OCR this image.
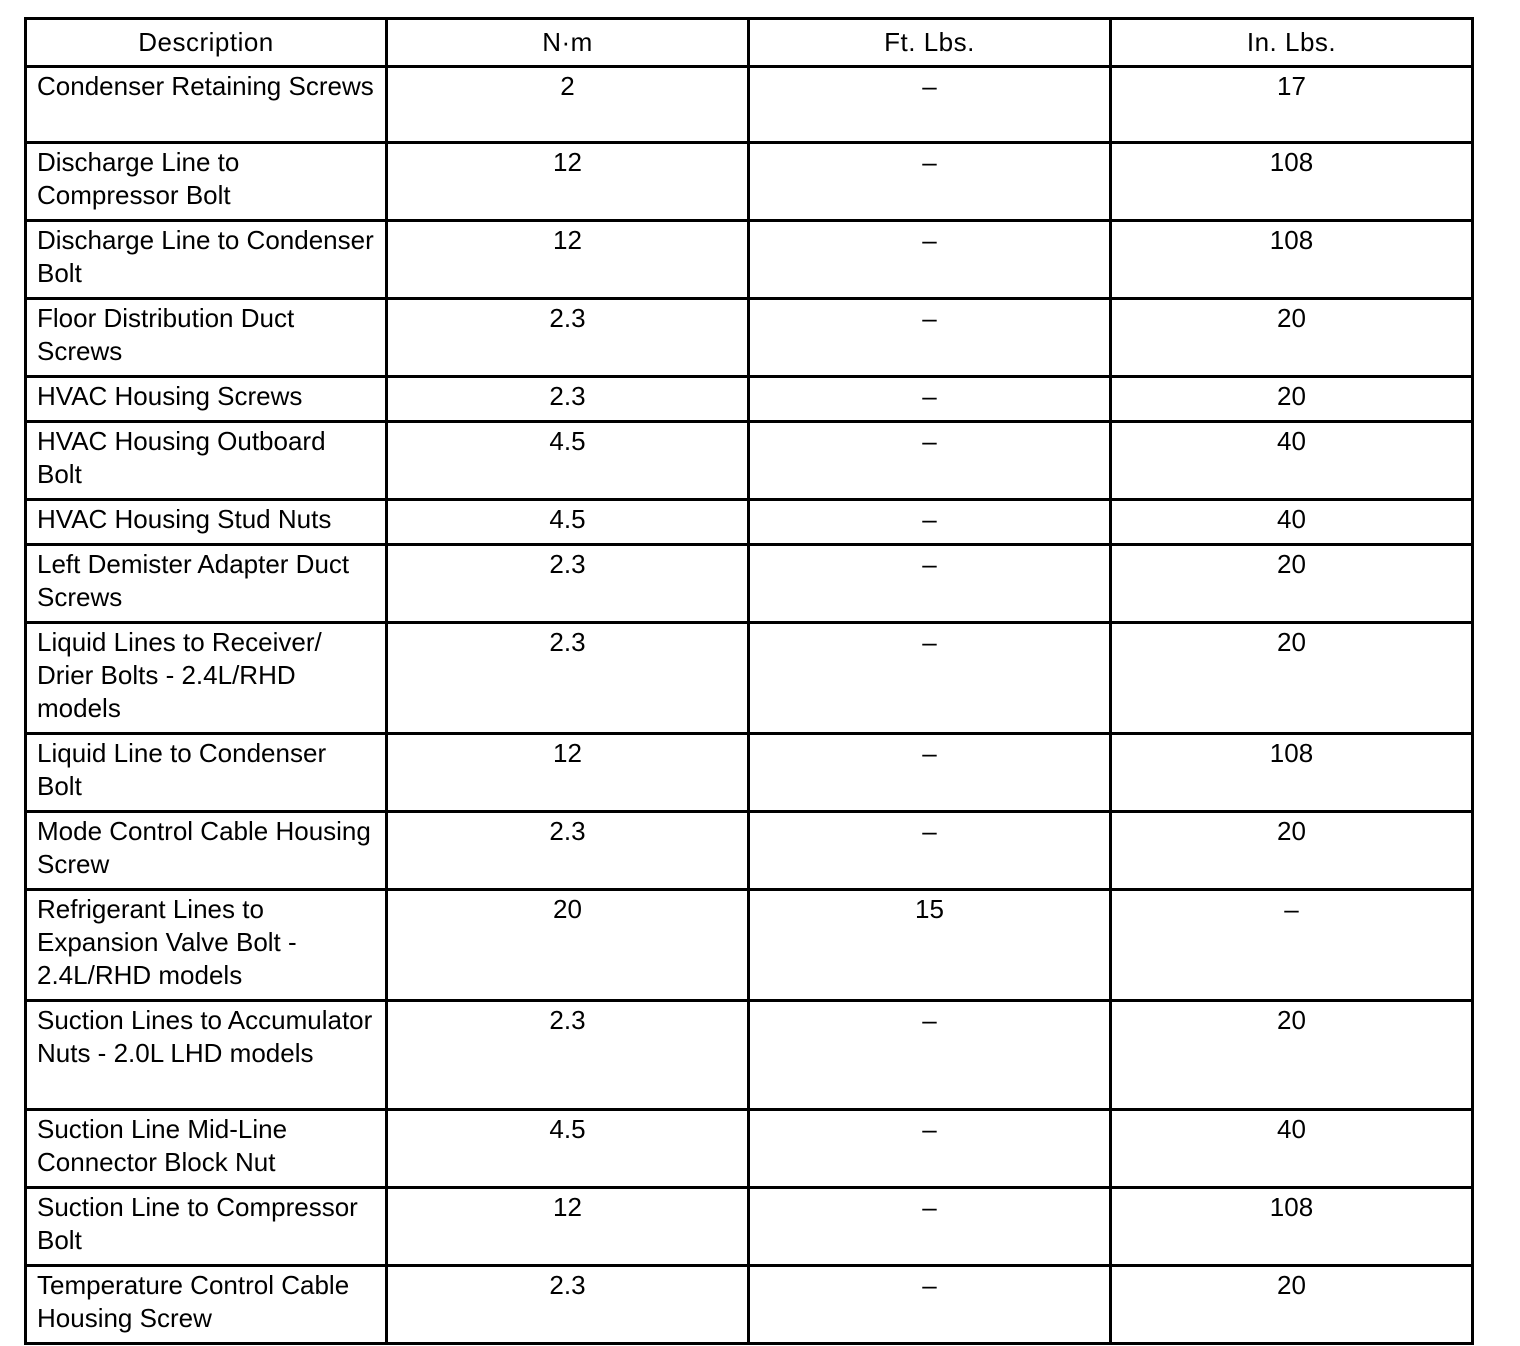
Description	N·m	Ft. Lbs.	In. Lbs.
Condenser Retaining Screws	2	–	17
Discharge Line to Compressor Bolt	12	–	108
Discharge Line to Condenser Bolt	12	–	108
Floor Distribution Duct Screws	2.3	–	20
HVAC Housing Screws	2.3	–	20
HVAC Housing Outboard Bolt	4.5	–	40
HVAC Housing Stud Nuts	4.5	–	40
Left Demister Adapter Duct Screws	2.3	–	20
Liquid Lines to Receiver/ Drier Bolts - 2.4L/RHD models	2.3	–	20
Liquid Line to Condenser Bolt	12	–	108
Mode Control Cable Housing Screw	2.3	–	20
Refrigerant Lines to Expansion Valve Bolt - 2.4L/RHD models	20	15	–
Suction Lines to Accumulator Nuts - 2.0L LHD models	2.3	–	20
Suction Line Mid-Line Connector Block Nut	4.5	–	40
Suction Line to Compressor Bolt	12	–	108
Temperature Control Cable Housing Screw	2.3	–	20
